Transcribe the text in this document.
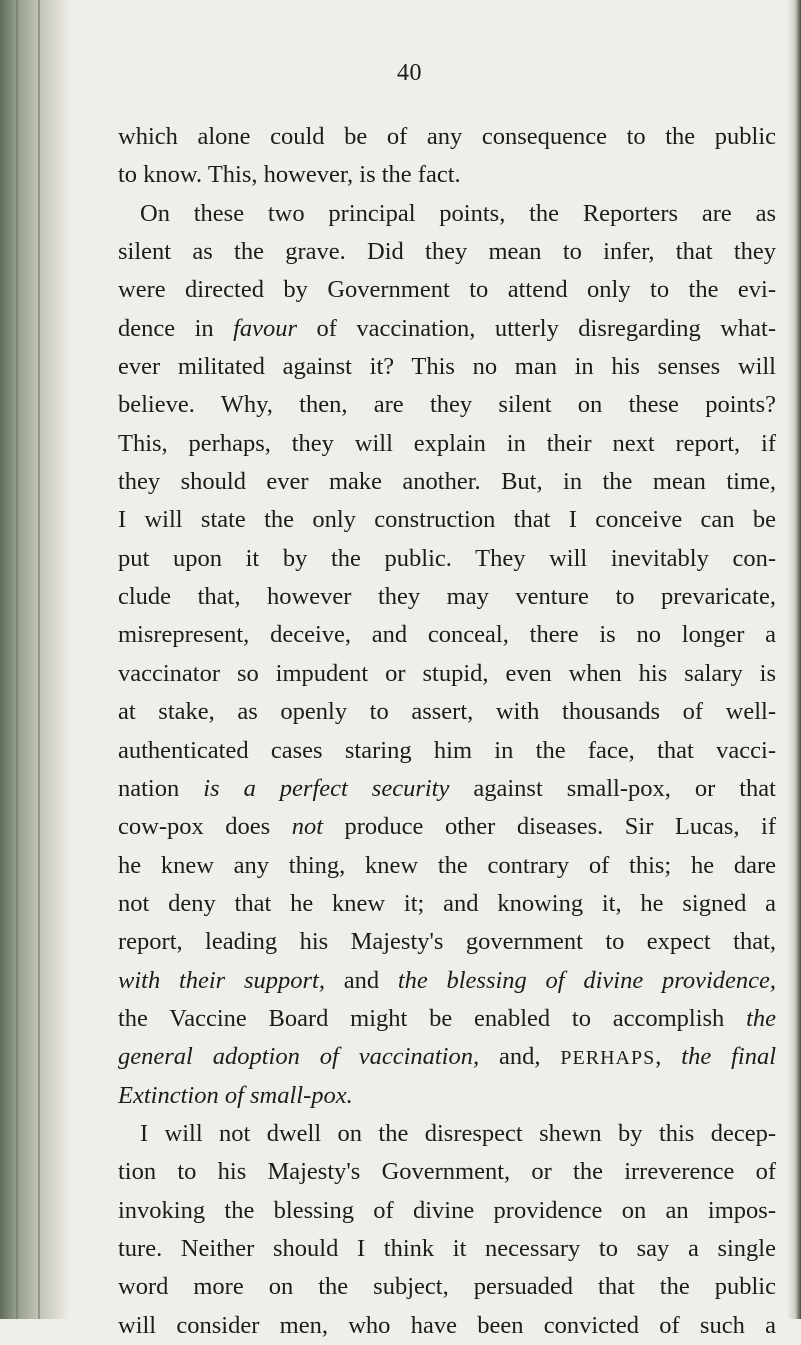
40
which alone could be of any consequence to the public
to know. This, however, is the fact.
On these two principal points, the Reporters are as
silent as the grave. Did they mean to infer, that they
were directed by Government to attend only to the evi-
dence in favour of vaccination, utterly disregarding what-
ever militated against it? This no man in his senses will
believe. Why, then, are they silent on these points?
This, perhaps, they will explain in their next report, if
they should ever make another. But, in the mean time,
I will state the only construction that I conceive can be
put upon it by the public. They will inevitably con-
clude that, however they may venture to prevaricate,
misrepresent, deceive, and conceal, there is no longer a
vaccinator so impudent or stupid, even when his salary is
at stake, as openly to assert, with thousands of well-
authenticated cases staring him in the face, that vacci-
nation is a perfect security against small-pox, or that
cow-pox does not produce other diseases. Sir Lucas, if
he knew any thing, knew the contrary of this; he dare
not deny that he knew it; and knowing it, he signed a
report, leading his Majesty's government to expect that,
with their support, and the blessing of divine providence,
the Vaccine Board might be enabled to accomplish the
general adoption of vaccination, and, PERHAPS, the final
Extinction of small-pox.
I will not dwell on the disrespect shewn by this decep-
tion to his Majesty's Government, or the irreverence of
invoking the blessing of divine providence on an impos-
ture. Neither should I think it necessary to say a single
word more on the subject, persuaded that the public
will consider men, who have been convicted of such a
